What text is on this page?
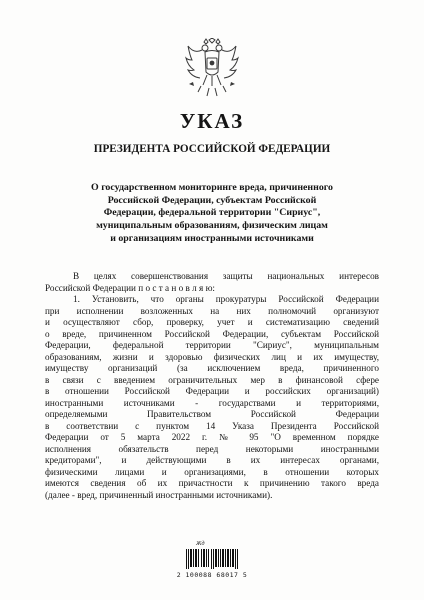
УКАЗ
ПРЕЗИДЕНТА РОССИЙСКОЙ ФЕДЕРАЦИИ
О государственном мониторинге вреда, причиненного
Российской Федерации, субъектам Российской
Федерации, федеральной территории "Сириус",
муниципальным образованиям, физическим лицам
и организациям иностранными источниками
В целях совершенствования защиты национальных интересов
Российской Федерации п о с т а н о в л я ю:
1. Установить, что органы прокуратуры Российской Федерации
при исполнении возложенных на них полномочий организуют
и осуществляют сбор, проверку, учет и систематизацию сведений
о вреде, причиненном Российской Федерации, субъектам Российской
Федерации, федеральной территории "Сириус", муниципальным
образованиям, жизни и здоровью физических лиц и их имуществу,
имуществу организаций (за исключением вреда, причиненного
в связи с введением ограничительных мер в финансовой сфере
в отношении Российской Федерации и российских организаций)
иностранными источниками - государствами и территориями,
определяемыми Правительством Российской Федерации
в соответствии с пунктом 14 Указа Президента Российской
Федерации от 5 марта 2022 г. № 95 "О временном порядке
исполнения обязательств перед некоторыми иностранными
кредиторами", и действующими в их интересах органами,
физическими лицами и организациями, в отношении которых
имеются сведения об их причастности к причинению такого вреда
(далее - вред, причиненный иностранными источниками).
Жд
2 100088 68017 5
